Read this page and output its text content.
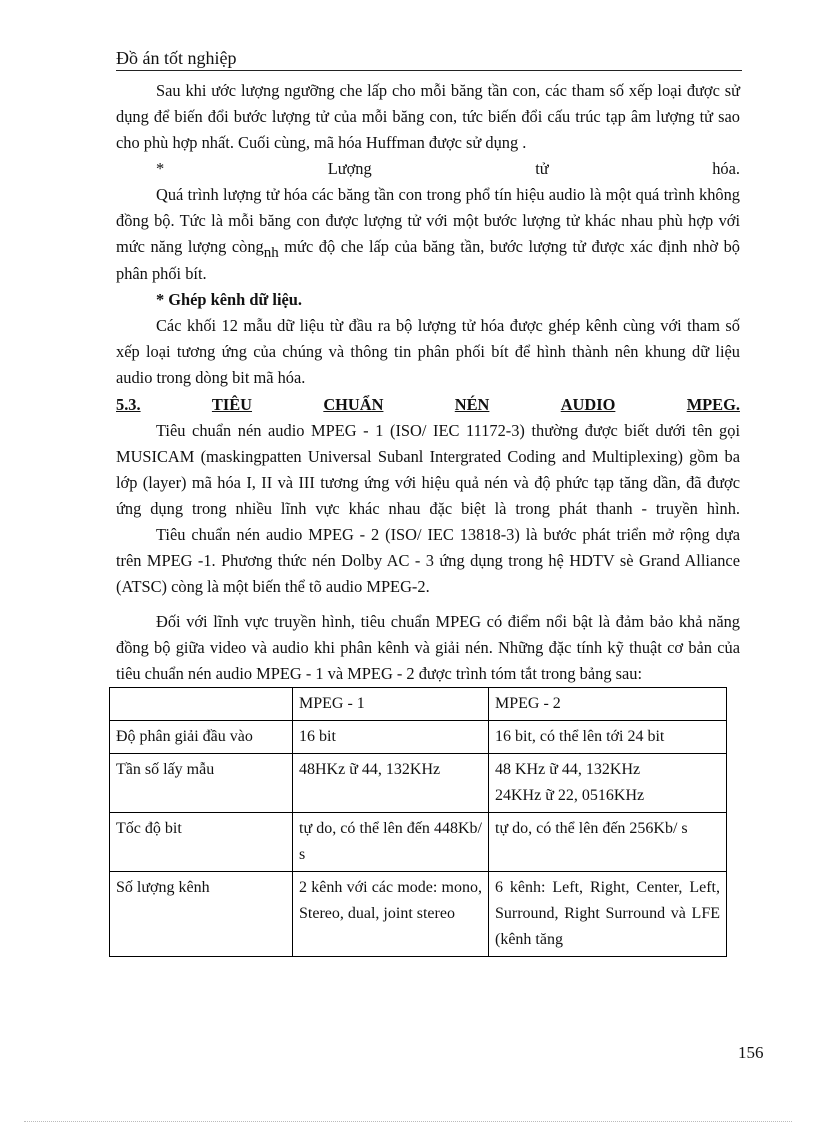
Đồ án tốt nghiệp

Sau khi ước lượng ngưỡng che lấp cho mỗi băng tần con, các tham số xếp loại được sử dụng để biến đổi bước lượng tử của mỗi băng con, tức biến đổi cấu trúc tạp âm lượng tử sao cho phù hợp nhất. Cuối cùng, mã hóa Huffman được sử dụng .

*	Lượng	tử	hóa.

Quá trình lượng tử hóa các băng tần con trong phổ tín hiệu audio là một quá trình không đồng bộ. Tức là mỗi băng con được lượng tử với một bước lượng tử khác nhau phù hợp với mức năng lượng còngnh mức độ che lấp của băng tần, bước lượng tử được xác định nhờ bộ phân phối bít.

* Ghép kênh dữ liệu.

Các khối 12 mẫu dữ liệu từ đầu ra bộ lượng tử hóa được ghép kênh cùng với tham số xếp loại tương ứng của chúng và thông tin phân phối bít để hình thành nên khung dữ liệu audio trong dòng bit mã hóa.

5.3.	TIÊU	CHUẨN	NÉN	AUDIO	MPEG.

Tiêu chuẩn nén audio MPEG - 1 (ISO/ IEC 11172-3) thường được biết dưới tên gọi MUSICAM (maskingpatten Universal Subanl Intergrated Coding and Multiplexing) gồm ba lớp (layer) mã hóa I, II và III tương ứng với hiệu quả nén và độ phức tạp tăng dần, đã được ứng dụng trong nhiều lĩnh vực khác nhau đặc biệt là trong phát thanh - truyền hình.

Tiêu chuẩn nén audio MPEG - 2 (ISO/ IEC 13818-3) là bước phát triển mở rộng dựa trên MPEG -1. Phương thức nén Dolby AC - 3 ứng dụng trong hệ HDTV sè Grand Alliance (ATSC) còng là một biến thể tõ audio MPEG-2.

Đối với lĩnh vực truyền hình, tiêu chuẩn MPEG có điểm nổi bật là đảm bảo khả năng đồng bộ giữa video và audio khi phân kênh và giải nén. Những đặc tính kỹ thuật cơ bản của tiêu chuẩn nén audio MPEG - 1 và MPEG - 2 được trình tóm tắt trong bảng sau:

	MPEG - 1	MPEG - 2
Độ phân giải đầu vào	16 bit	16 bit, có thể lên tới 24 bit
Tần số lấy mẫu	48HKz ữ 44, 132KHz	48 KHz ữ 44, 132KHz
24KHz ữ 22, 0516KHz

Tốc độ bit	tự do, có thể lên đến 448Kb/ s	tự do, có thể lên đến 256Kb/ s
Số lượng kênh	2 kênh với các mode: mono, Stereo, dual, joint stereo	6 kênh: Left, Right, Center, Left, Surround, Right Surround và LFE (kênh tăng
156
